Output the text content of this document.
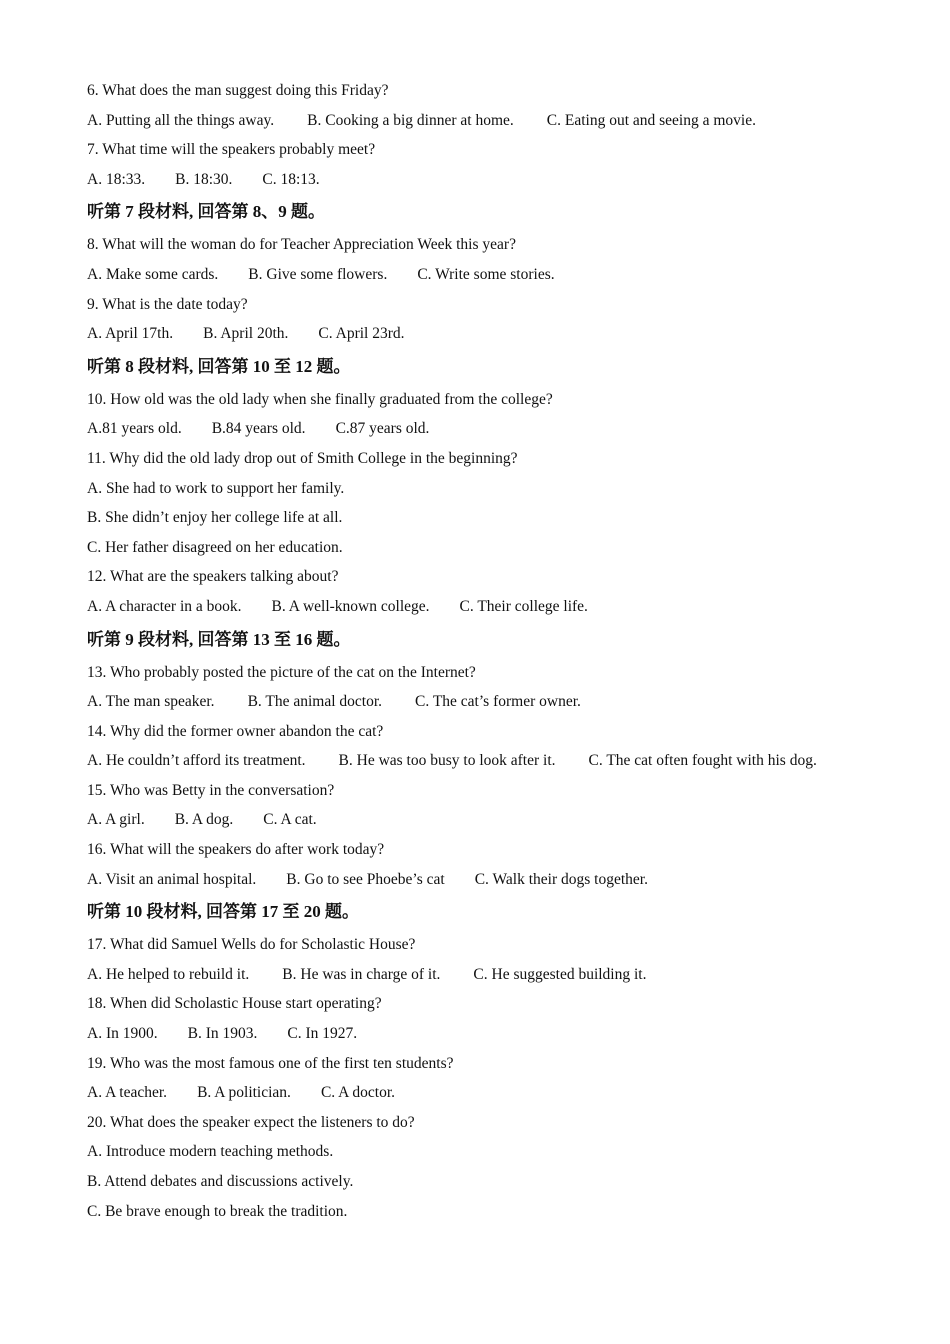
6. What does the man suggest doing this Friday?
A. Putting all the things away. B. Cooking a big dinner at home. C. Eating out and seeing a movie.
7. What time will the speakers probably meet?
A. 18:33. B. 18:30. C. 18:13.
听第 7 段材料, 回答第 8、9 题。
8. What will the woman do for Teacher Appreciation Week this year?
A. Make some cards. B. Give some flowers. C. Write some stories.
9. What is the date today?
A. April 17th. B. April 20th. C. April 23rd.
听第 8 段材料, 回答第 10 至 12 题。
10. How old was the old lady when she finally graduated from the college?
A.81 years old. B.84 years old. C.87 years old.
11. Why did the old lady drop out of Smith College in the beginning?
A. She had to work to support her family.
B. She didn’t enjoy her college life at all.
C. Her father disagreed on her education.
12. What are the speakers talking about?
A. A character in a book. B. A well-known college. C. Their college life.
听第 9 段材料, 回答第 13 至 16 题。
13. Who probably posted the picture of the cat on the Internet?
A. The man speaker. B. The animal doctor. C. The cat’s former owner.
14. Why did the former owner abandon the cat?
A. He couldn’t afford its treatment. B. He was too busy to look after it. C. The cat often fought with his dog.
15. Who was Betty in the conversation?
A. A girl. B. A dog. C. A cat.
16. What will the speakers do after work today?
A. Visit an animal hospital. B. Go to see Phoebe’s cat C. Walk their dogs together.
听第 10 段材料, 回答第 17 至 20 题。
17. What did Samuel Wells do for Scholastic House?
A. He helped to rebuild it. B. He was in charge of it. C. He suggested building it.
18. When did Scholastic House start operating?
A. In 1900. B. In 1903. C. In 1927.
19. Who was the most famous one of the first ten students?
A. A teacher. B. A politician. C. A doctor.
20. What does the speaker expect the listeners to do?
A. Introduce modern teaching methods.
B. Attend debates and discussions actively.
C. Be brave enough to break the tradition.
